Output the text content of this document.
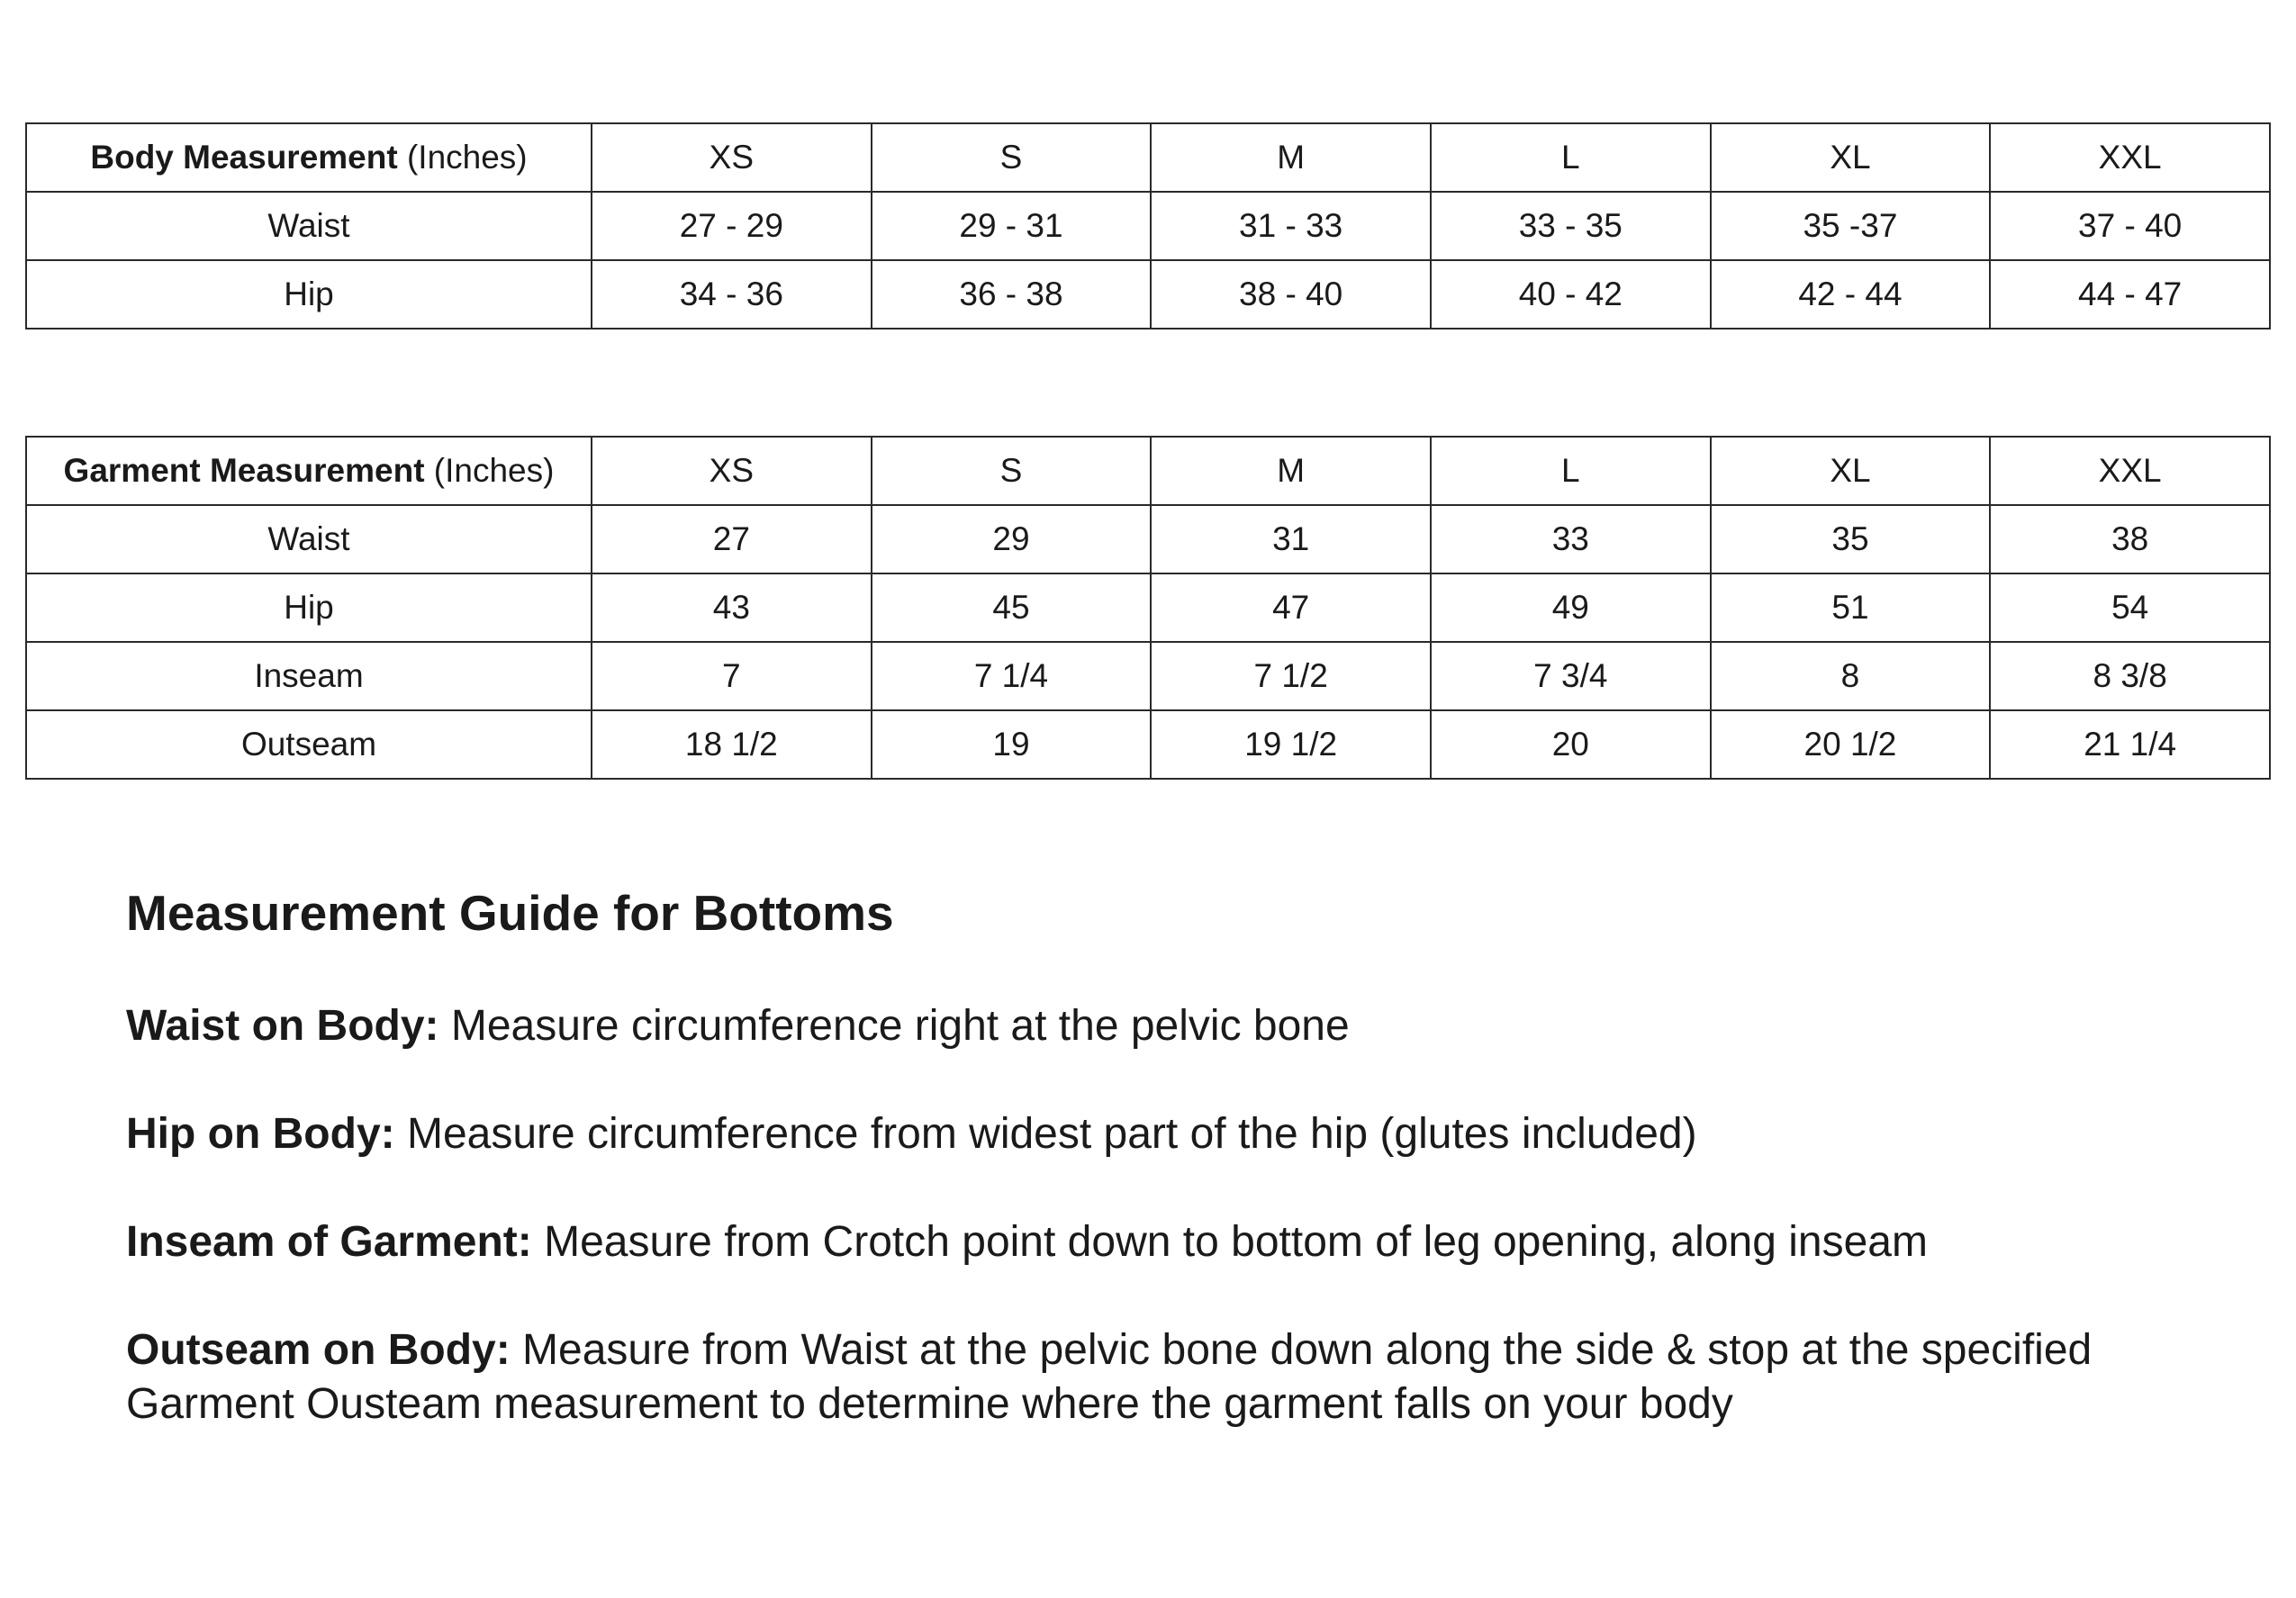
Body Measurement (Inches)	XS	S	M	L	XL	XXL
Waist	27 - 29	29 - 31	31 - 33	33 - 35	35 -37	37 - 40
Hip	34 - 36	36 - 38	38 - 40	40 - 42	42 - 44	44 - 47
Garment Measurement (Inches)	XS	S	M	L	XL	XXL
Waist	27	29	31	33	35	38
Hip	43	45	47	49	51	54
Inseam	7	7 1/4	7 1/2	7 3/4	8	8 3/8
Outseam	18 1/2	19	19 1/2	20	20 1/2	21 1/4
Measurement Guide for Bottoms
Waist on Body: Measure circumference right at the pelvic bone
Hip on Body: Measure circumference from widest part of the hip (glutes included)
Inseam of Garment: Measure from Crotch point down to bottom of leg opening, along inseam
Outseam on Body: Measure from Waist at the pelvic bone down along the side & stop at the specified Garment Ousteam measurement to determine where the garment falls on your body
